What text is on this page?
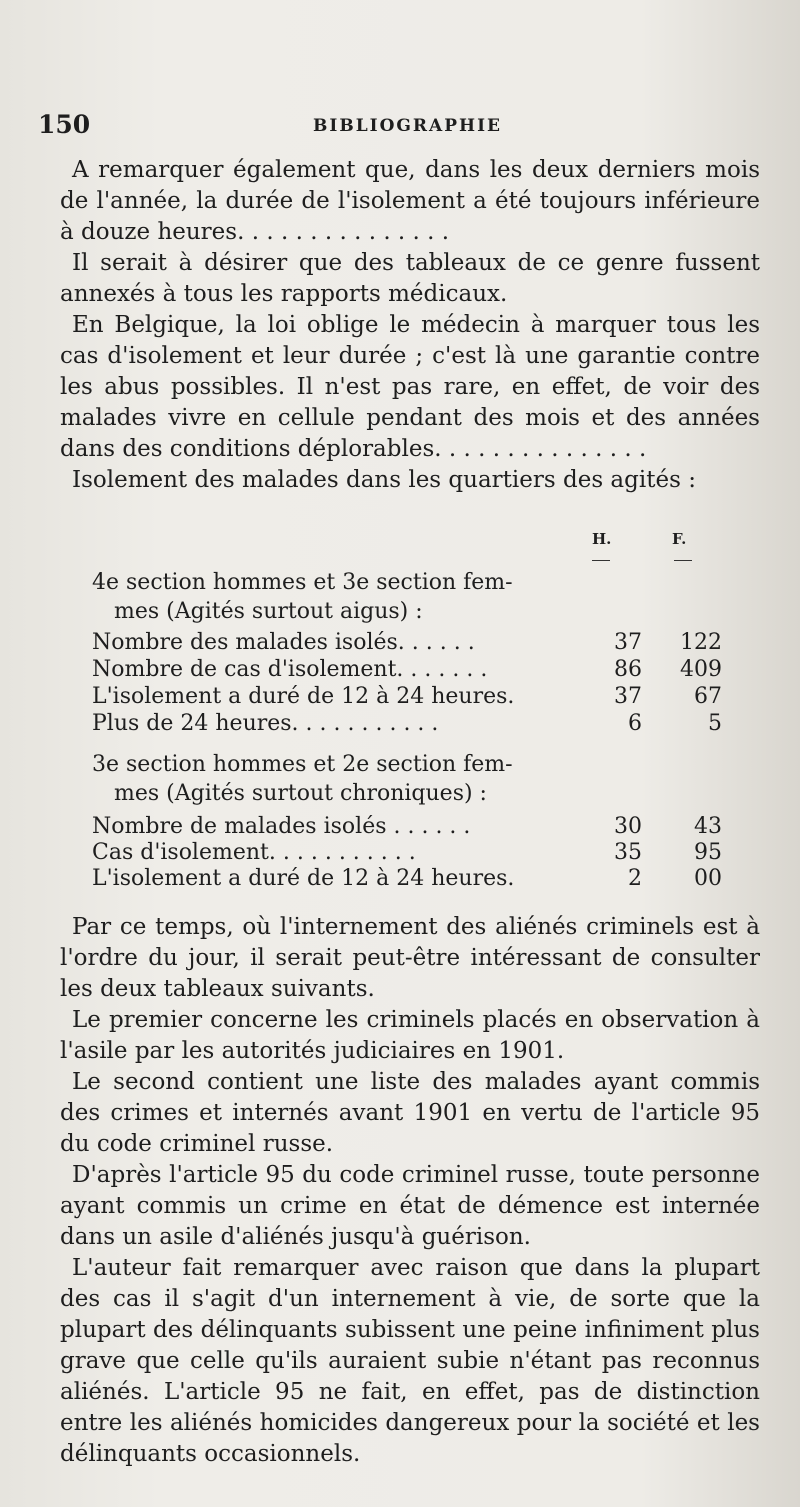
150	BIBLIOGRAPHIE

A remarquer également que, dans les deux derniers mois de l'année, la durée de l'isolement a été toujours inférieure à douze heures. . . . . . . . . . . . . . .

Il serait à désirer que des tableaux de ce genre fussent annexés à tous les rapports médicaux.

En Belgique, la loi oblige le médecin à marquer tous les cas d'isolement et leur durée ; c'est là une garantie contre les abus possibles. Il n'est pas rare, en effet, de voir des malades vivre en cellule pendant des mois et des années dans des conditions déplorables. . . . . . . . . . . . . . .

Isolement des malades dans les quartiers des agités :

H.	F.
4e section hommes et 3e section fem-
mes (Agités surtout aigus) :
Nombre des malades isolés. . . . . .	37	122
Nombre de cas d'isolement. . . . . . .	86	409
L'isolement a duré de 12 à 24 heures.	37	67
Plus de 24 heures. . . . . . . . . . .	6	5
3e section hommes et 2e section fem-
mes (Agités surtout chroniques) :
Nombre de malades isolés . . . . . .	30	43
Cas d'isolement. . . . . . . . . . .	35	95
L'isolement a duré de 12 à 24 heures.	2	00

Par ce temps, où l'internement des aliénés criminels est à l'ordre du jour, il serait peut-être intéressant de consulter les deux tableaux suivants.

Le premier concerne les criminels placés en observation à l'asile par les autorités judiciaires en 1901.

Le second contient une liste des malades ayant commis des crimes et internés avant 1901 en vertu de l'article 95 du code criminel russe.

D'après l'article 95 du code criminel russe, toute personne ayant commis un crime en état de démence est internée dans un asile d'aliénés jusqu'à guérison.

L'auteur fait remarquer avec raison que dans la plupart des cas il s'agit d'un internement à vie, de sorte que la plupart des délinquants subissent une peine infiniment plus grave que celle qu'ils auraient subie n'étant pas reconnus aliénés. L'article 95 ne fait, en effet, pas de distinction entre les aliénés homicides dangereux pour la société et les délinquants occasionnels.
